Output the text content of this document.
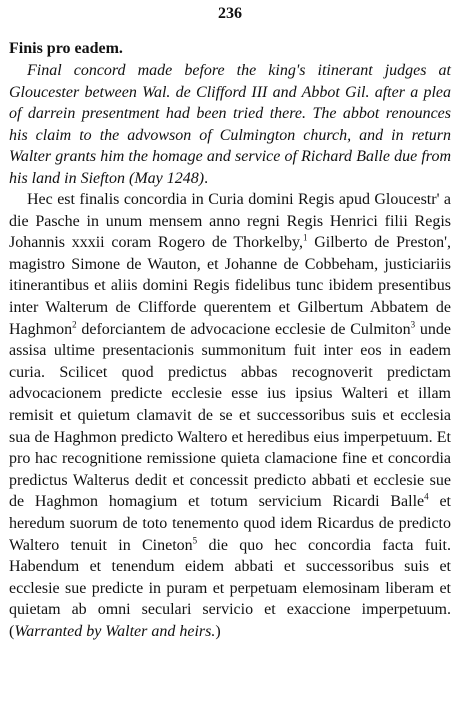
236

Finis pro eadem.

Final concord made before the king's itinerant judges at Gloucester between Wal. de Clifford III and Abbot Gil. after a plea of darrein presentment had been tried there. The abbot renounces his claim to the advowson of Culmington church, and in return Walter grants him the homage and service of Richard Balle due from his land in Siefton (May 1248).

Hec est finalis concordia in Curia domini Regis apud Gloucestr' a die Pasche in unum mensem anno regni Regis Henrici filii Regis Johannis xxxii coram Rogero de Thorkelby,$^1$ Gilberto de Preston', magistro Simone de Wauton, et Johanne de Cobbeham, justiciariis itinerantibus et aliis domini Regis fidelibus tunc ibidem presentibus inter Walterum de Clifforde querentem et Gilbertum Abbatem de Haghmon$^2$ deforciantem de advocacione ecclesie de Culmiton$^3$ unde assisa ultime presentacionis summonitum fuit inter eos in eadem curia. Scilicet quod predictus abbas recognoverit predictam advocacionem predicte ecclesie esse ius ipsius Walteri et illam remisit et quietum clamavit de se et successoribus suis et ecclesia sua de Haghmon predicto Waltero et heredibus eius imperpetuum. Et pro hac recognitione remissione quieta clamacione fine et concordia predictus Walterus dedit et concessit predicto abbati et ecclesie sue de Haghmon homagium et totum servicium Ricardi Balle$^4$ et heredum suorum de toto tenemento quod idem Ricardus de predicto Waltero tenuit in Cineton$^5$ die quo hec concordia facta fuit. Habendum et tenendum eidem abbati et successoribus suis et ecclesie sue predicte in puram et perpetuam elemosinam liberam et quietam ab omni seculari servicio et exaccione imperpetuum. (Warranted by Walter and heirs.)
